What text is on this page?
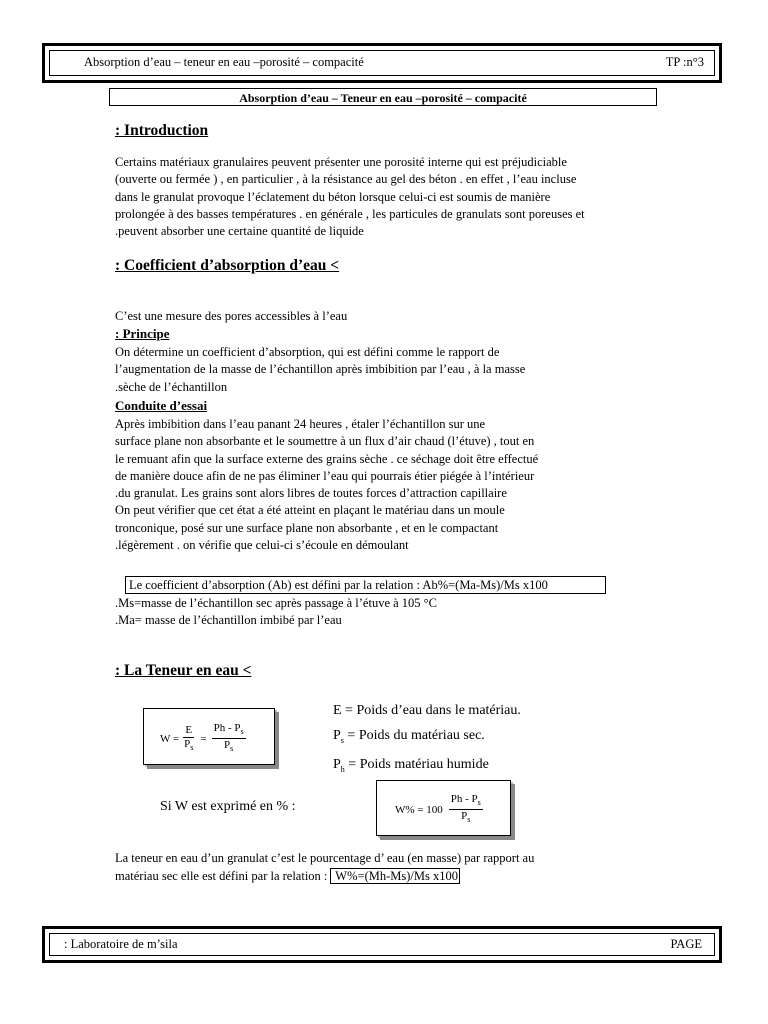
Absorption d’eau – teneur en eau –porosité – compacité	TP :n°3
Absorption d’eau – Teneur en eau –porosité – compacité
: Introduction
Certains matériaux granulaires peuvent présenter une porosité interne qui est préjudiciable
(ouverte ou fermée ) , en particulier , à la résistance au gel des béton . en effet , l’eau incluse
dans le granulat provoque l’éclatement du béton lorsque celui-ci est soumis de manière
prolongée à des basses températures . en générale , les particules de granulats sont poreuses et
.peuvent absorber une certaine quantité de liquide
: Coefficient d’absorption d’eau <
C’est une mesure des pores accessibles à l’eau
: Principe
On détermine un coefficient d’absorption, qui est défini comme le rapport de
l’augmentation de la masse de l’échantillon après imbibition par l’eau , à la masse
.sèche de l’échantillon
Conduite d’essai
Après imbibition dans l’eau panant 24 heures , étaler l’échantillon sur une
surface plane non absorbante et le soumettre à un flux d’air chaud (l’étuve) , tout en
le remuant afin que la surface externe des grains sèche . ce séchage doit être effectué
de manière douce afin de ne pas éliminer l’eau qui pourrais étier piégée à l’intérieur
.du granulat. Les grains sont alors libres de toutes forces d’attraction capillaire
On peut vérifier que cet état a été atteint en plaçant le matériau dans un moule
tronconique, posé sur une surface plane non absorbante , et en le compactant
.légèrement . on vérifie que celui-ci s’écoule en démoulant
Le coefficient d’absorption (Ab) est défini par la relation : Ab%=(Ma-Ms)/Ms x100
.Ms=masse de l’échantillon sec après passage à l’étuve à 105 °C
.Ma= masse de l’échantillon imbibé par l’eau
: La Teneur en eau <
$W = \frac{E}{P_s} = \frac{Ph - P_s}{P_s}$
E = Poids d’eau dans le matériau.
$P_s$ = Poids du matériau sec.
$P_h$ = Poids matériau humide
Si W est exprimé en % :	$W\% = 100 \frac{Ph - P_s}{P_s}$
La teneur en eau d’un granulat c’est le pourcentage d’ eau (en masse) par rapport au
matériau sec elle est défini par la relation : W%=(Mh-Ms)/Ms x100
: Laboratoire de m’sila	PAGE
